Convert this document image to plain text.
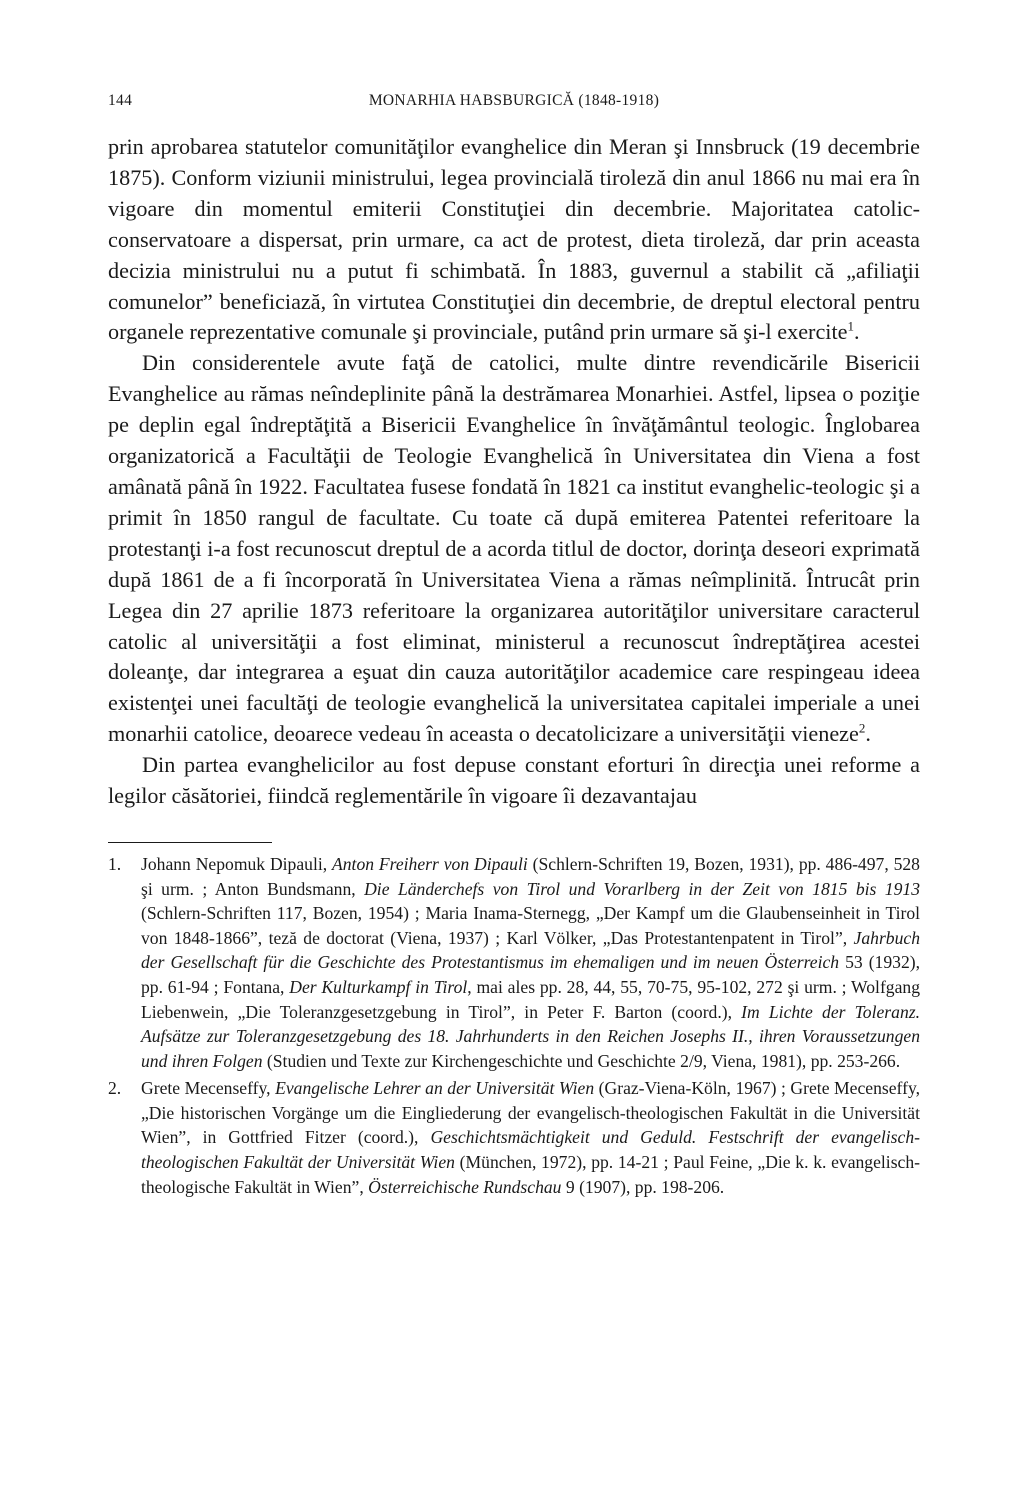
144	MONARHIA HABSBURGICĂ (1848-1918)

prin aprobarea statutelor comunităţilor evanghelice din Meran şi Innsbruck (19 decembrie 1875). Conform viziunii ministrului, legea provincială tiroleză din anul 1866 nu mai era în vigoare din momentul emiterii Constituţiei din decembrie. Majoritatea catolic-conservatoare a dispersat, prin urmare, ca act de protest, dieta tiroleză, dar prin aceasta decizia ministrului nu a putut fi schimbată. În 1883, guvernul a stabilit că „afiliaţii comunelor” beneficiază, în virtutea Constituţiei din decembrie, de dreptul electoral pentru organele reprezentative comunale şi provinciale, putând prin urmare să şi-l exercite$^1$.

Din considerentele avute faţă de catolici, multe dintre revendicările Bisericii Evanghelice au rămas neîndeplinite până la destrămarea Monarhiei. Astfel, lipsea o poziţie pe deplin egal îndreptăţită a Bisericii Evanghelice în învăţământul teologic. Înglobarea organizatorică a Facultăţii de Teologie Evanghelică în Universitatea din Viena a fost amânată până în 1922. Facultatea fusese fondată în 1821 ca institut evanghelic-teologic şi a primit în 1850 rangul de facultate. Cu toate că după emiterea Patentei referitoare la protestanţi i-a fost recunoscut dreptul de a acorda titlul de doctor, dorinţa deseori exprimată după 1861 de a fi încorporată în Universitatea Viena a rămas neîmplinită. Întrucât prin Legea din 27 aprilie 1873 referitoare la organizarea autorităţilor universitare caracterul catolic al universităţii a fost eliminat, ministerul a recunoscut îndreptăţirea acestei doleanţe, dar integrarea a eşuat din cauza autorităţilor academice care respingeau ideea existenţei unei facultăţi de teologie evanghelică la universitatea capitalei imperiale a unei monarhii catolice, deoarece vedeau în aceasta o decatolicizare a universităţii vieneze$^2$.

Din partea evanghelicilor au fost depuse constant eforturi în direcţia unei reforme a legilor căsătoriei, fiindcă reglementările în vigoare îi dezavantajau

1. Johann Nepomuk Dipauli, Anton Freiherr von Dipauli (Schlern-Schriften 19, Bozen, 1931), pp. 486-497, 528 şi urm. ; Anton Bundsmann, Die Länderchefs von Tirol und Vorarlberg in der Zeit von 1815 bis 1913 (Schlern-Schriften 117, Bozen, 1954) ; Maria Inama-Sternegg, „Der Kampf um die Glaubenseinheit in Tirol von 1848-1866”, teză de doctorat (Viena, 1937) ; Karl Völker, „Das Protestantenpatent in Tirol”, Jahrbuch der Gesellschaft für die Geschichte des Protestantismus im ehemaligen und im neuen Österreich 53 (1932), pp. 61-94 ; Fontana, Der Kulturkampf in Tirol, mai ales pp. 28, 44, 55, 70-75, 95-102, 272 şi urm. ; Wolfgang Liebenwein, „Die Toleranzgesetzgebung in Tirol”, in Peter F. Barton (coord.), Im Lichte der Toleranz. Aufsätze zur Toleranzgesetzgebung des 18. Jahrhunderts in den Reichen Josephs II., ihren Voraussetzungen und ihren Folgen (Studien und Texte zur Kirchengeschichte und Geschichte 2/9, Viena, 1981), pp. 253-266.
2. Grete Mecenseffy, Evangelische Lehrer an der Universität Wien (Graz-Viena-Köln, 1967) ; Grete Mecenseffy, „Die historischen Vorgänge um die Eingliederung der evangelisch-theologischen Fakultät in die Universität Wien”, in Gottfried Fitzer (coord.), Geschichtsmächtigkeit und Geduld. Festschrift der evangelisch-theologischen Fakultät der Universität Wien (München, 1972), pp. 14-21 ; Paul Feine, „Die k. k. evangelisch-theologische Fakultät in Wien”, Österreichische Rundschau 9 (1907), pp. 198-206.
